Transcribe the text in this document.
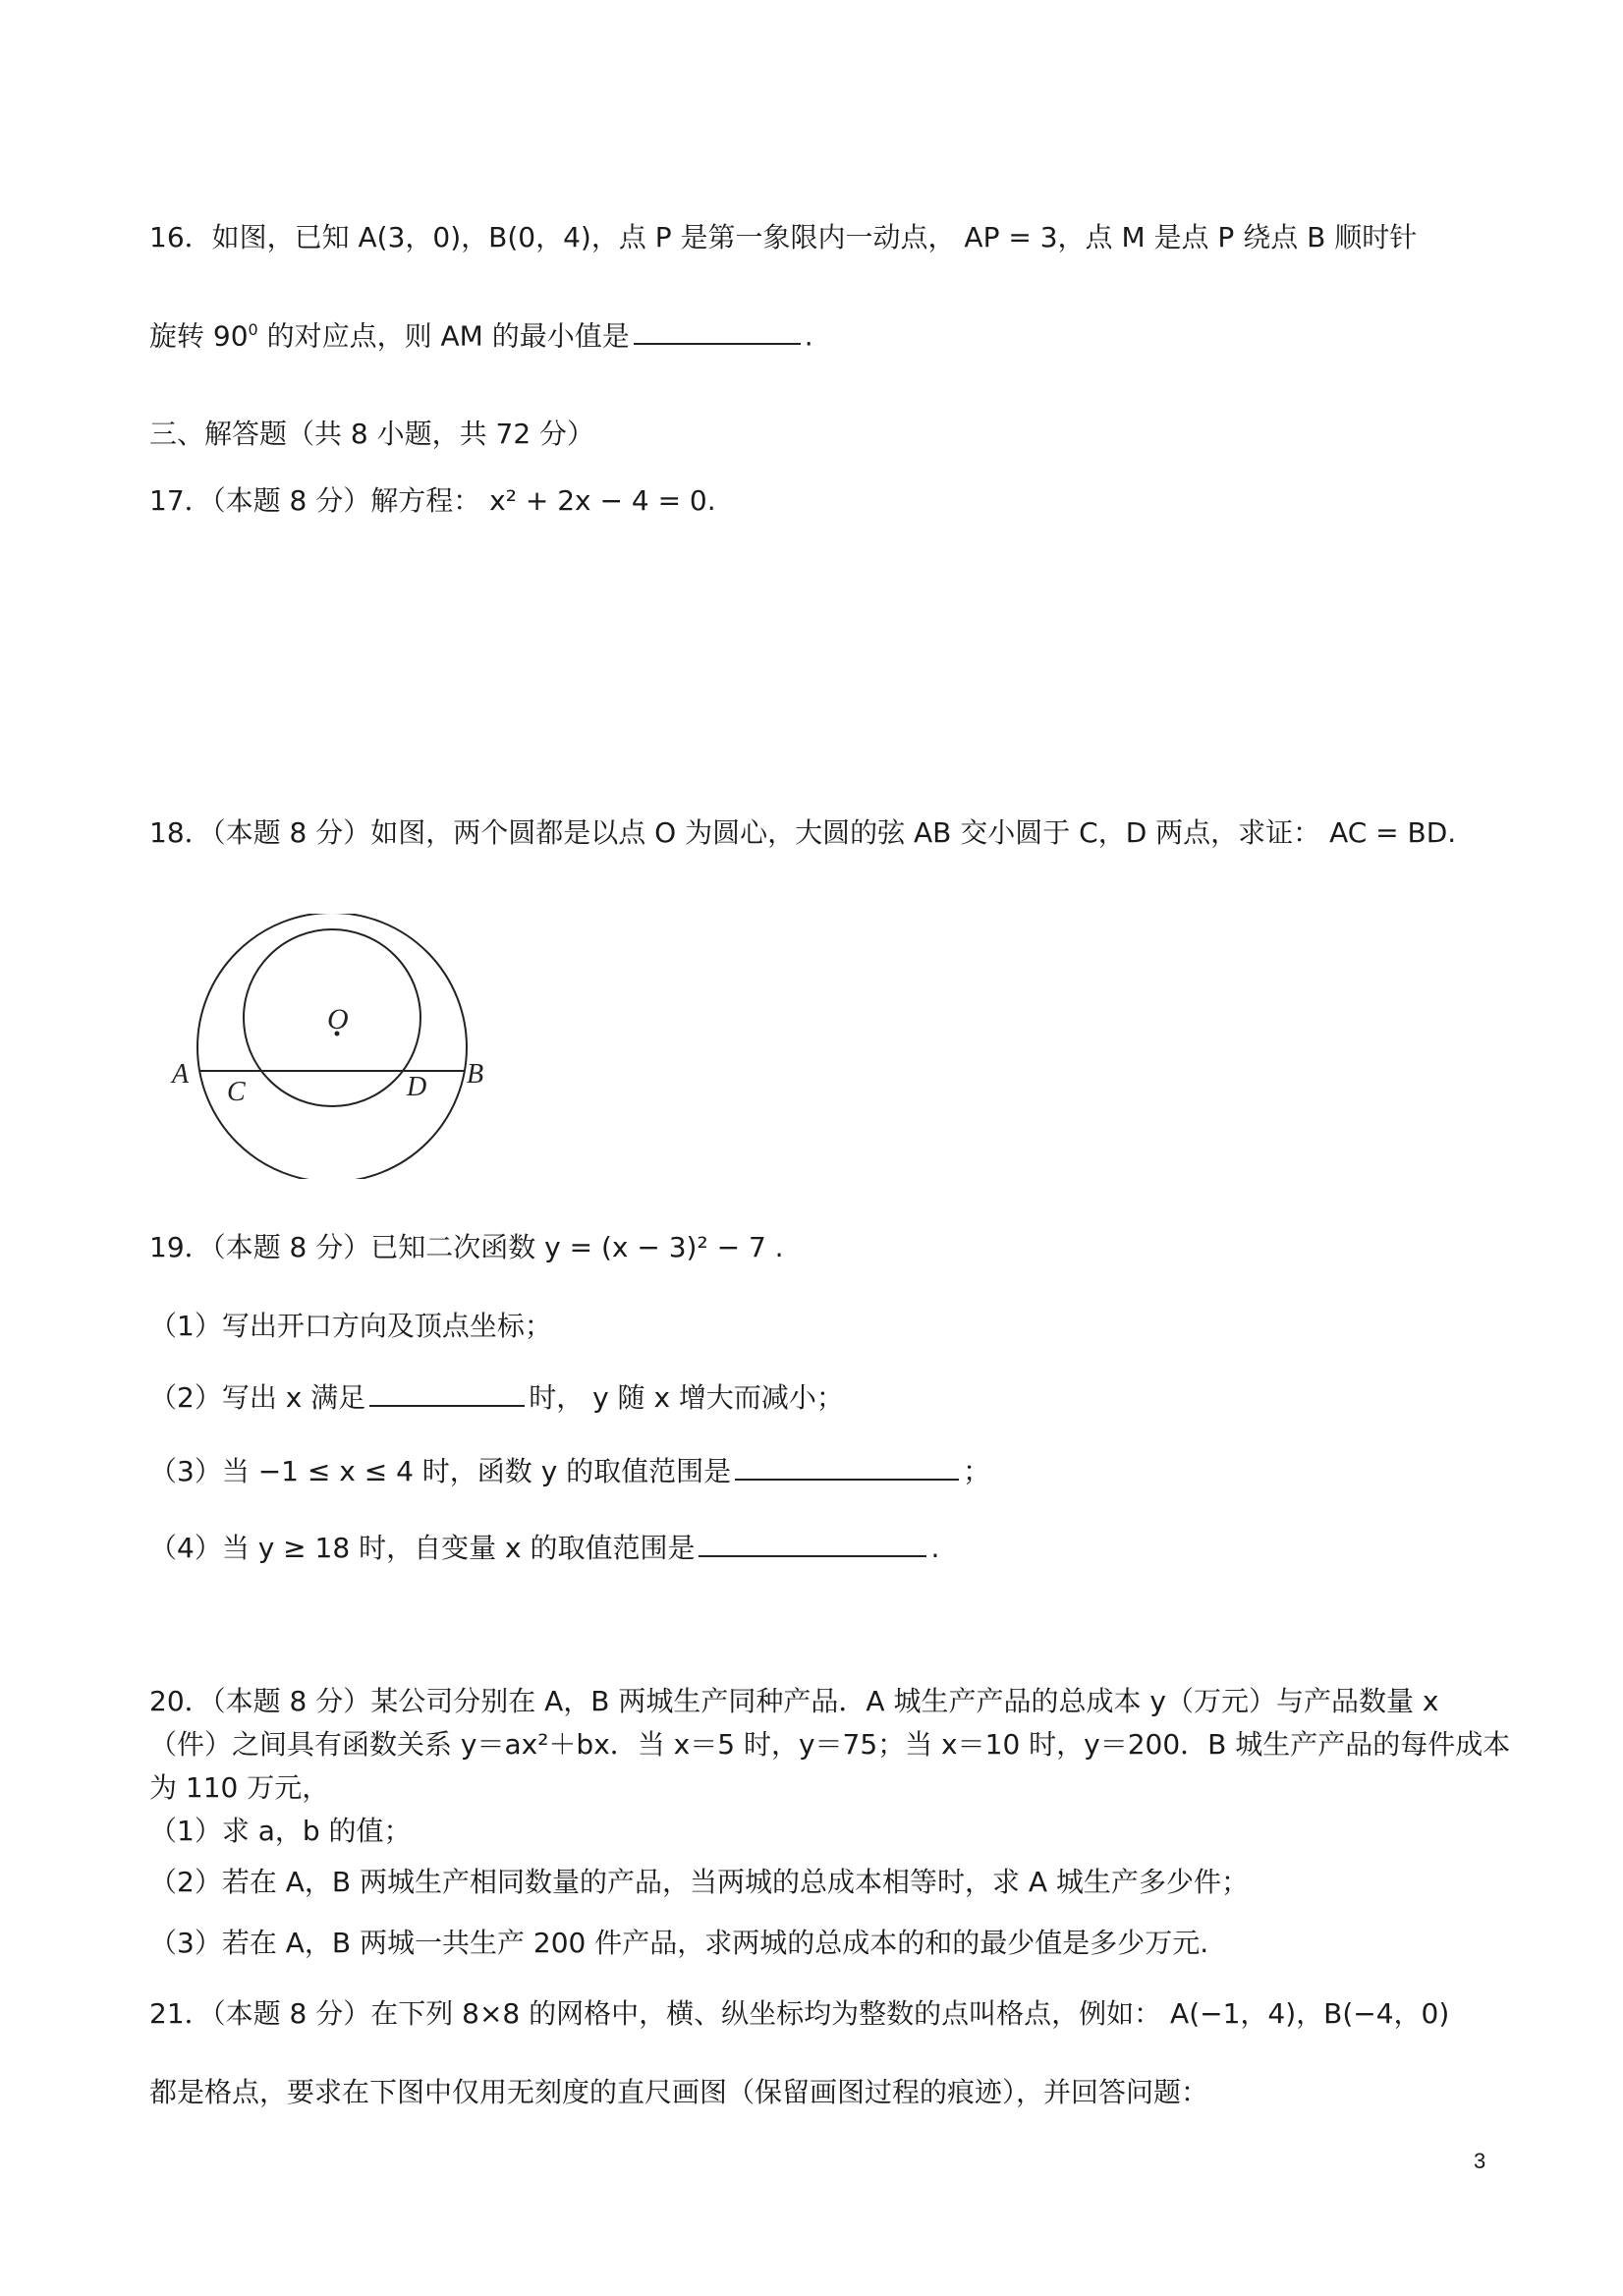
16．如图，已知 A(3，0)，B(0，4)，点 P 是第一象限内一动点， AP = 3，点 M 是点 P 绕点 B 顺时针
旋转 $90^0$ 的对应点，则 AM 的最小值是	.
三、解答题（共 8 小题，共 72 分）
17．（本题 8 分）解方程： x² + 2x − 4 = 0.
18．（本题 8 分）如图，两个圆都是以点 O 为圆心，大圆的弦 AB 交小圆于 C，D 两点，求证： AC = BD.
O
A
C	D B
19．（本题 8 分）已知二次函数 y = (x − 3)² − 7 .
（1）写出开口方向及顶点坐标；
（2）写出 x 满足	时， y 随 x 增大而减小；
（3）当 −1 ≤ x ≤ 4 时，函数 y 的取值范围是	；
（4）当 y ≥ 18 时，自变量 x 的取值范围是	.
20．（本题 8 分）某公司分别在 A，B 两城生产同种产品．A 城生产产品的总成本 y（万元）与产品数量 x
（件）之间具有函数关系 y＝ax²＋bx．当 x＝5 时，y＝75；当 x＝10 时，y＝200．B 城生产产品的每件成本
为 110 万元，
（1）求 a，b 的值；
（2）若在 A，B 两城生产相同数量的产品，当两城的总成本相等时，求 A 城生产多少件；
（3）若在 A，B 两城一共生产 200 件产品，求两城的总成本的和的最少值是多少万元.
21．（本题 8 分）在下列 8×8 的网格中，横、纵坐标均为整数的点叫格点，例如： A(−1，4)，B(−4，0)
都是格点，要求在下图中仅用无刻度的直尺画图（保留画图过程的痕迹），并回答问题：
3
